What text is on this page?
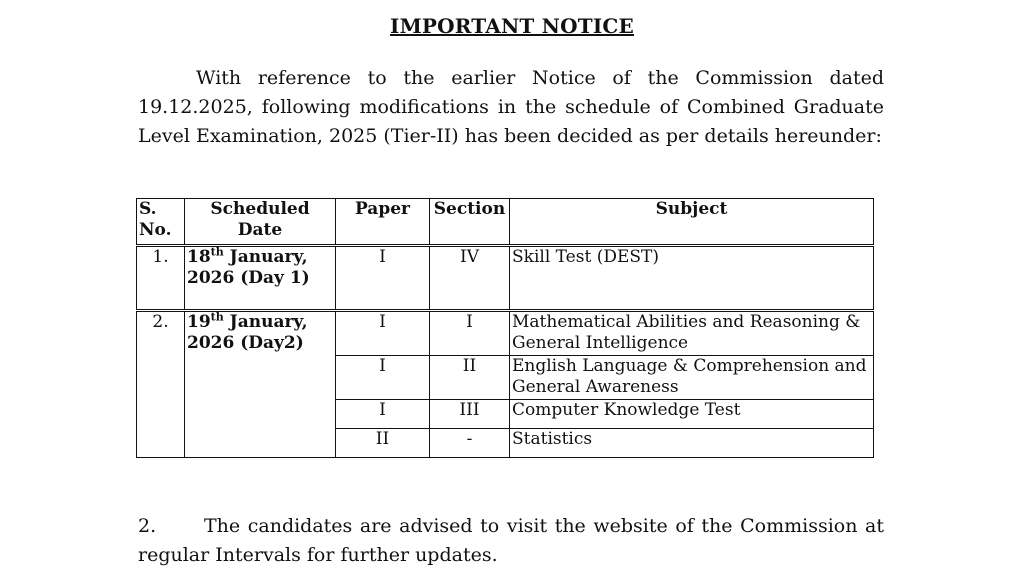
IMPORTANT NOTICE

With reference to the earlier Notice of the Commission dated 19.12.2025, following modifications in the schedule of Combined Graduate Level Examination, 2025 (Tier-II) has been decided as per details hereunder:

S. No.	Scheduled Date	Paper	Section	Subject
1.	18th January, 2026 (Day 1)	I	IV	Skill Test (DEST)
2.	19th January, 2026 (Day2)	I	I	Mathematical Abilities and Reasoning & General Intelligence
		I	II	English Language & Comprehension and General Awareness
		I	III	Computer Knowledge Test
		II	-	Statistics

2.	The candidates are advised to visit the website of the Commission at regular Intervals for further updates.
